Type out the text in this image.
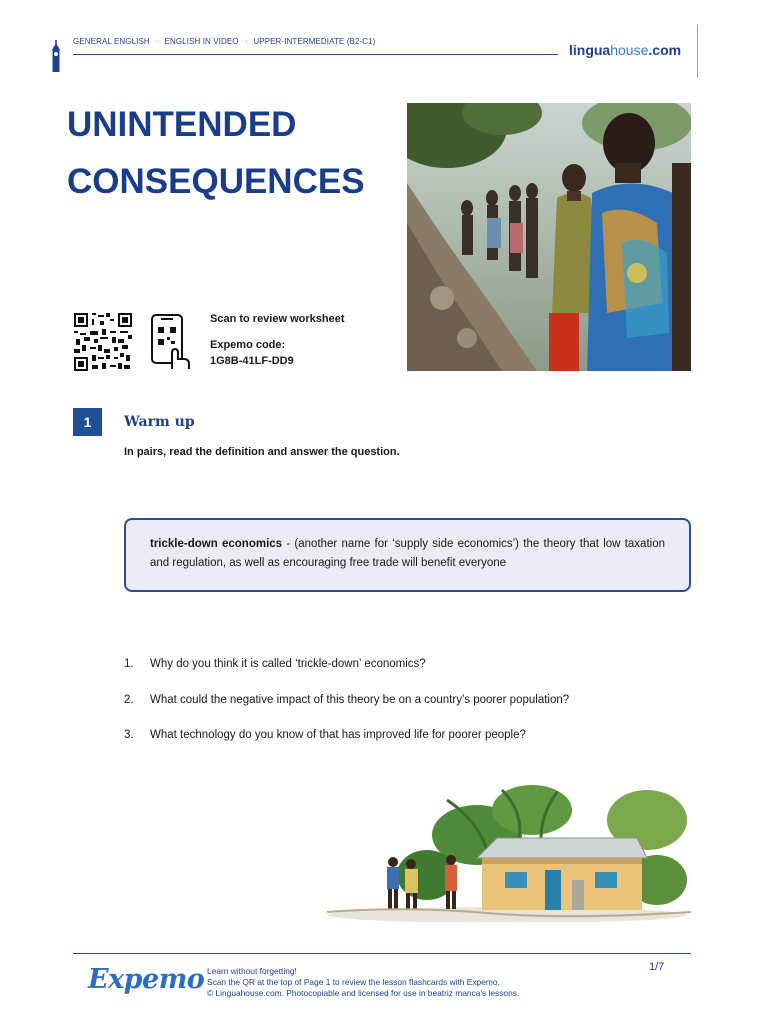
GENERAL ENGLISH · ENGLISH IN VIDEO · UPPER-INTERMEDIATE (B2-C1)
linguahouse.com
UNINTENDED
CONSEQUENCES
Scan to review worksheet
Expemo code:
1G8B-41LF-DD9
1	Warm up
In pairs, read the definition and answer the question.
trickle-down economics - (another name for ‘supply side economics’) the theory that low taxation and regulation, as well as encouraging free trade will benefit everyone
1.	Why do you think it is called ‘trickle-down’ economics?
2.	What could the negative impact of this theory be on a country’s poorer population?
3.	What technology do you know of that has improved life for poorer people?
Expemo Learn without forgetting!
Scan the QR at the top of Page 1 to review the lesson flashcards with Expemo.
© Linguahouse.com. Photocopiable and licensed for use in beatriz manca's lessons.
1/7
